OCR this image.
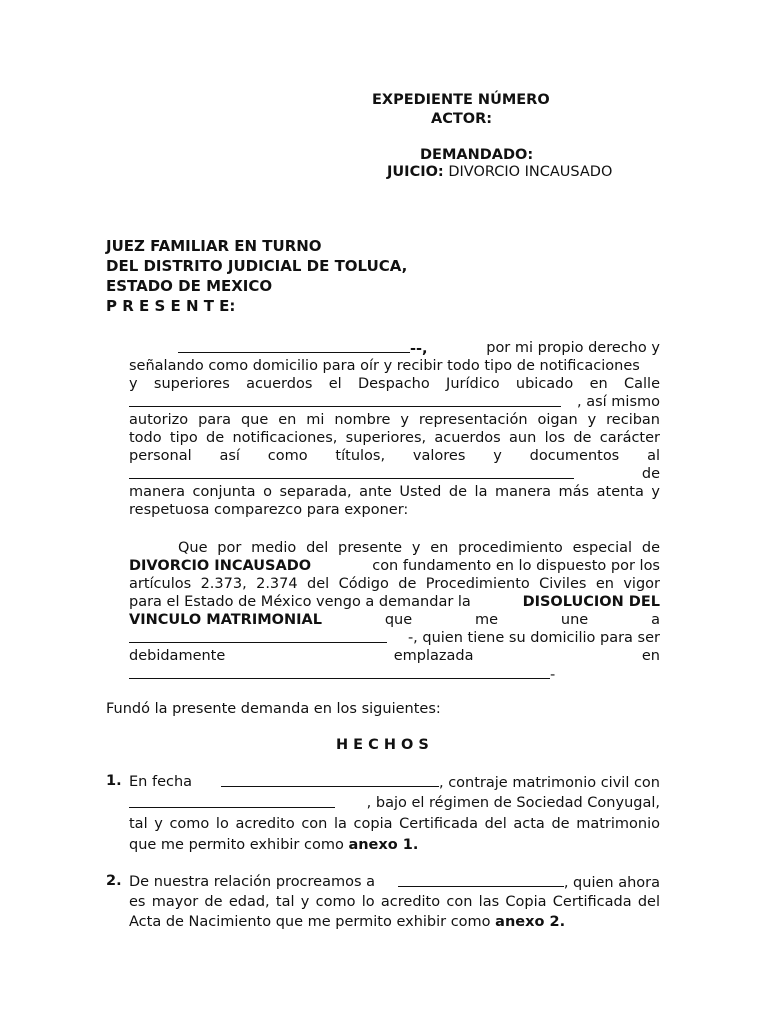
EXPEDIENTE NÚMERO
ACTOR:
DEMANDADO:
JUICIO: DIVORCIO INCAUSADO
JUEZ FAMILIAR EN TURNO
DEL DISTRITO JUDICIAL DE TOLUCA,
ESTADO DE MEXICO
P R E S E N T E:
--,	por mi propio derecho y
señalando como domicilio para oír y recibir todo tipo de notificaciones
y superiores acuerdos el Despacho Jurídico ubicado en Calle
, así mismo
autorizo para que en mi nombre y representación oigan y reciban
todo tipo de notificaciones, superiores, acuerdos aun los de carácter
personal así como títulos, valores y documentos al
de
manera conjunta o separada, ante Usted de la manera más atenta y
respetuosa comparezco para exponer:
Que por medio del presente y en procedimiento especial de
DIVORCIO INCAUSADO	con fundamento en lo dispuesto por los
artículos 2.373, 2.374 del Código de Procedimiento Civiles en vigor
para el Estado de México vengo a demandar la	DISOLUCION DEL
VINCULO MATRIMONIAL	que	me	une	a
-, quien tiene su domicilio para ser
debidamente	emplazada	en
-
Fundó la presente demanda en los siguientes:
H E C H O S
1. En fecha	, contraje matrimonio civil con
, bajo el régimen de Sociedad Conyugal,
tal y como lo acredito con la copia Certificada del acta de matrimonio
que me permito exhibir como anexo 1.
2. De nuestra relación procreamos a	, quien ahora
es mayor de edad, tal y como lo acredito con las Copia Certificada del
Acta de Nacimiento que me permito exhibir como anexo 2.
